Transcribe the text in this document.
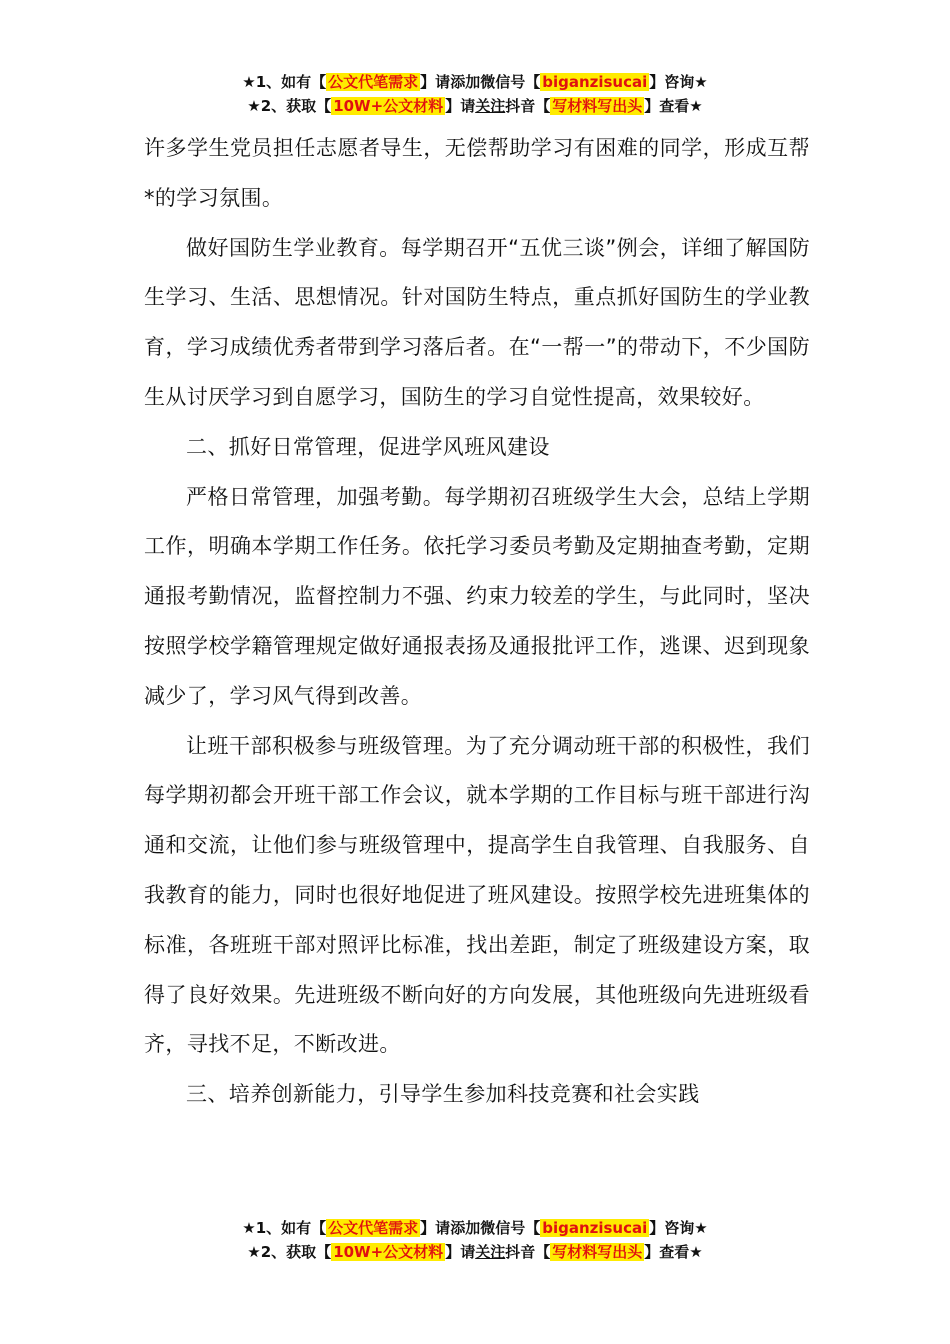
★1、如有【 公文代笔需求 】请添加微信号【 biganzisucai 】咨询★
★2、获取【 10W+公文材料 】请关注抖音【 写材料写出头 】查看★

许多学生党员担任志愿者导生，无偿帮助学习有困难的同学，形成互帮*的学习氛围。

做好国防生学业教育。每学期召开“五优三谈”例会，详细了解国防生学习、生活、思想情况。针对国防生特点，重点抓好国防生的学业教育，学习成绩优秀者带到学习落后者。在“一帮一”的带动下，不少国防生从讨厌学习到自愿学习，国防生的学习自觉性提高，效果较好。

二、抓好日常管理，促进学风班风建设

严格日常管理，加强考勤。每学期初召班级学生大会，总结上学期工作，明确本学期工作任务。依托学习委员考勤及定期抽查考勤，定期通报考勤情况，监督控制力不强、约束力较差的学生，与此同时，坚决按照学校学籍管理规定做好通报表扬及通报批评工作，逃课、迟到现象减少了，学习风气得到改善。

让班干部积极参与班级管理。为了充分调动班干部的积极性，我们每学期初都会开班干部工作会议，就本学期的工作目标与班干部进行沟通和交流，让他们参与班级管理中，提高学生自我管理、自我服务、自我教育的能力，同时也很好地促进了班风建设。按照学校先进班集体的标准，各班班干部对照评比标准，找出差距，制定了班级建设方案，取得了良好效果。先进班级不断向好的方向发展，其他班级向先进班级看齐，寻找不足，不断改进。

三、培养创新能力，引导学生参加科技竞赛和社会实践

★1、如有【 公文代笔需求 】请添加微信号【 biganzisucai 】咨询★
★2、获取【 10W+公文材料 】请关注抖音【 写材料写出头 】查看★
